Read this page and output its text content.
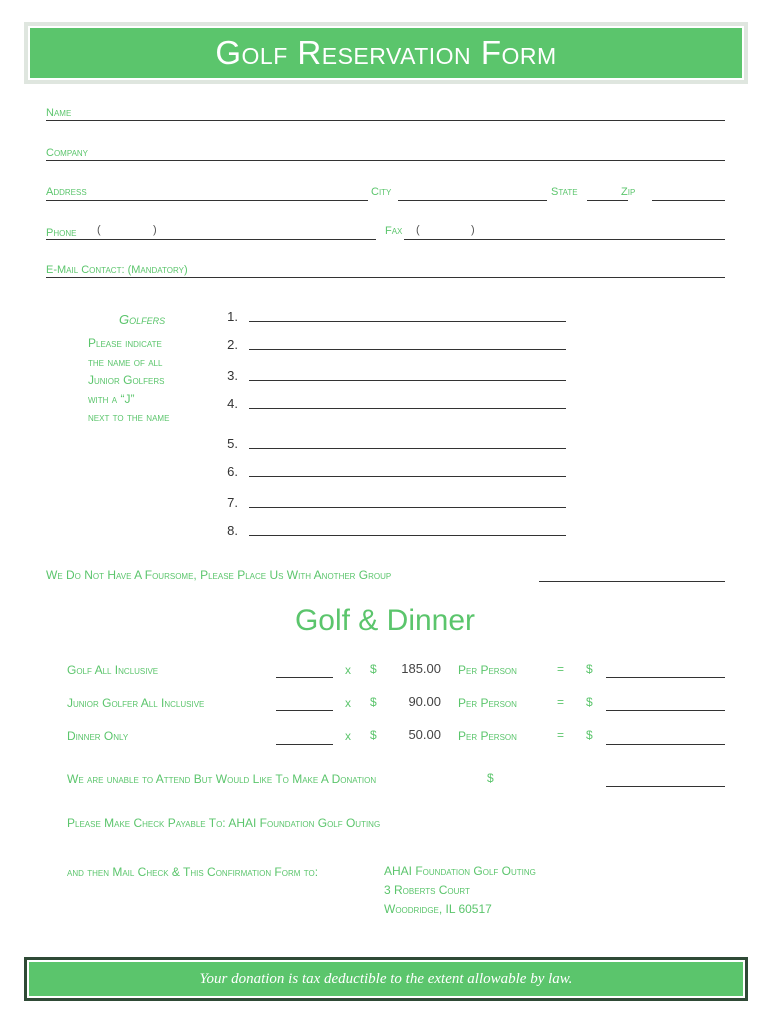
Golf Reservation Form
Name
Company
Address	City	State	Zip
Phone (	)	Fax (	)
E-Mail Contact: (Mandatory)
Golfers
Please indicate
the name of all
Junior Golfers
with a “J”
next to the name
1.
2.
3.
4.
5.
6.
7.
8.
We Do Not Have A Foursome, Please Place Us With Another Group
Golf & Dinner
Golf All Inclusive	x $	185.00 Per Person	= $
Junior Golfer All Inclusive	x $	90.00 Per Person	= $
Dinner Only	x $	50.00 Per Person	= $
We are unable to Attend But Would Like To Make A Donation	$
Please Make Check Payable To: AHAI Foundation Golf Outing
and then Mail Check & This Confirmation Form to:	AHAI Foundation Golf Outing
3 Roberts Court
Woodridge, IL 60517
Your donation is tax deductible to the extent allowable by law.
